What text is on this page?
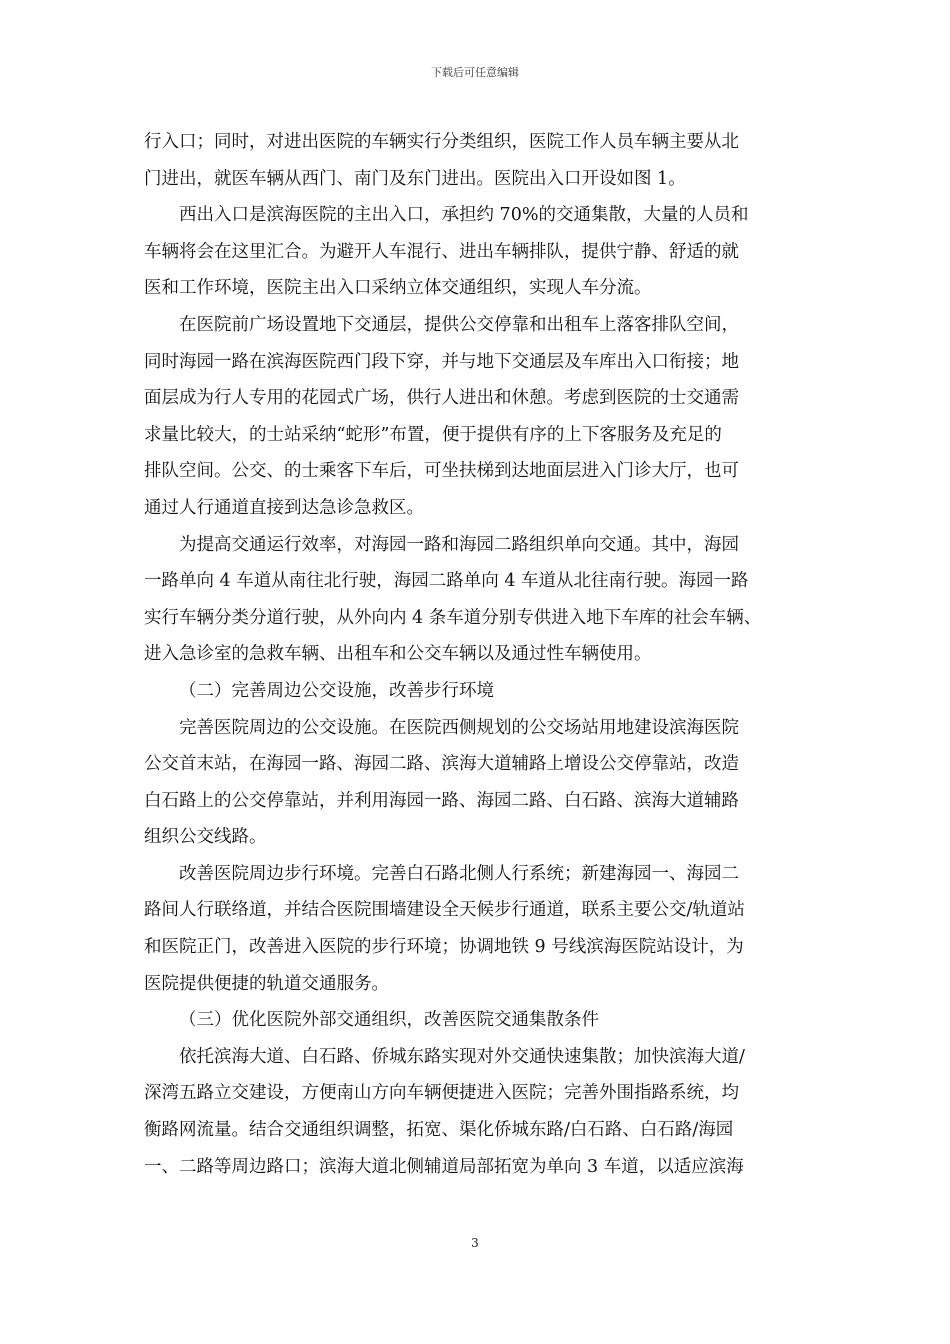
下载后可任意编辑

行入口；同时，对进出医院的车辆实行分类组织，医院工作人员车辆主要从北
门进出，就医车辆从西门、南门及东门进出。医院出入口开设如图 1。

西出入口是滨海医院的主出入口，承担约 70%的交通集散，大量的人员和
车辆将会在这里汇合。为避开人车混行、进出车辆排队，提供宁静、舒适的就
医和工作环境，医院主出入口采纳立体交通组织，实现人车分流。

在医院前广场设置地下交通层，提供公交停靠和出租车上落客排队空间，
同时海园一路在滨海医院西门段下穿，并与地下交通层及车库出入口衔接；地
面层成为行人专用的花园式广场，供行人进出和休憩。考虑到医院的士交通需
求量比较大，的士站采纳“蛇形”布置，便于提供有序的上下客服务及充足的
排队空间。公交、的士乘客下车后，可坐扶梯到达地面层进入门诊大厅，也可
通过人行通道直接到达急诊急救区。

为提高交通运行效率，对海园一路和海园二路组织单向交通。其中，海园
一路单向 4 车道从南往北行驶，海园二路单向 4 车道从北往南行驶。海园一路
实行车辆分类分道行驶，从外向内 4 条车道分别专供进入地下车库的社会车辆、
进入急诊室的急救车辆、出租车和公交车辆以及通过性车辆使用。

（二）完善周边公交设施，改善步行环境

完善医院周边的公交设施。在医院西侧规划的公交场站用地建设滨海医院
公交首末站，在海园一路、海园二路、滨海大道辅路上增设公交停靠站，改造
白石路上的公交停靠站，并利用海园一路、海园二路、白石路、滨海大道辅路
组织公交线路。

改善医院周边步行环境。完善白石路北侧人行系统；新建海园一、海园二
路间人行联络道，并结合医院围墙建设全天候步行通道，联系主要公交/轨道站
和医院正门，改善进入医院的步行环境；协调地铁 9 号线滨海医院站设计，为
医院提供便捷的轨道交通服务。

（三）优化医院外部交通组织，改善医院交通集散条件

依托滨海大道、白石路、侨城东路实现对外交通快速集散；加快滨海大道/
深湾五路立交建设，方便南山方向车辆便捷进入医院；完善外围指路系统，均
衡路网流量。结合交通组织调整，拓宽、渠化侨城东路/白石路、白石路/海园
一、二路等周边路口；滨海大道北侧辅道局部拓宽为单向 3 车道，以适应滨海

3
